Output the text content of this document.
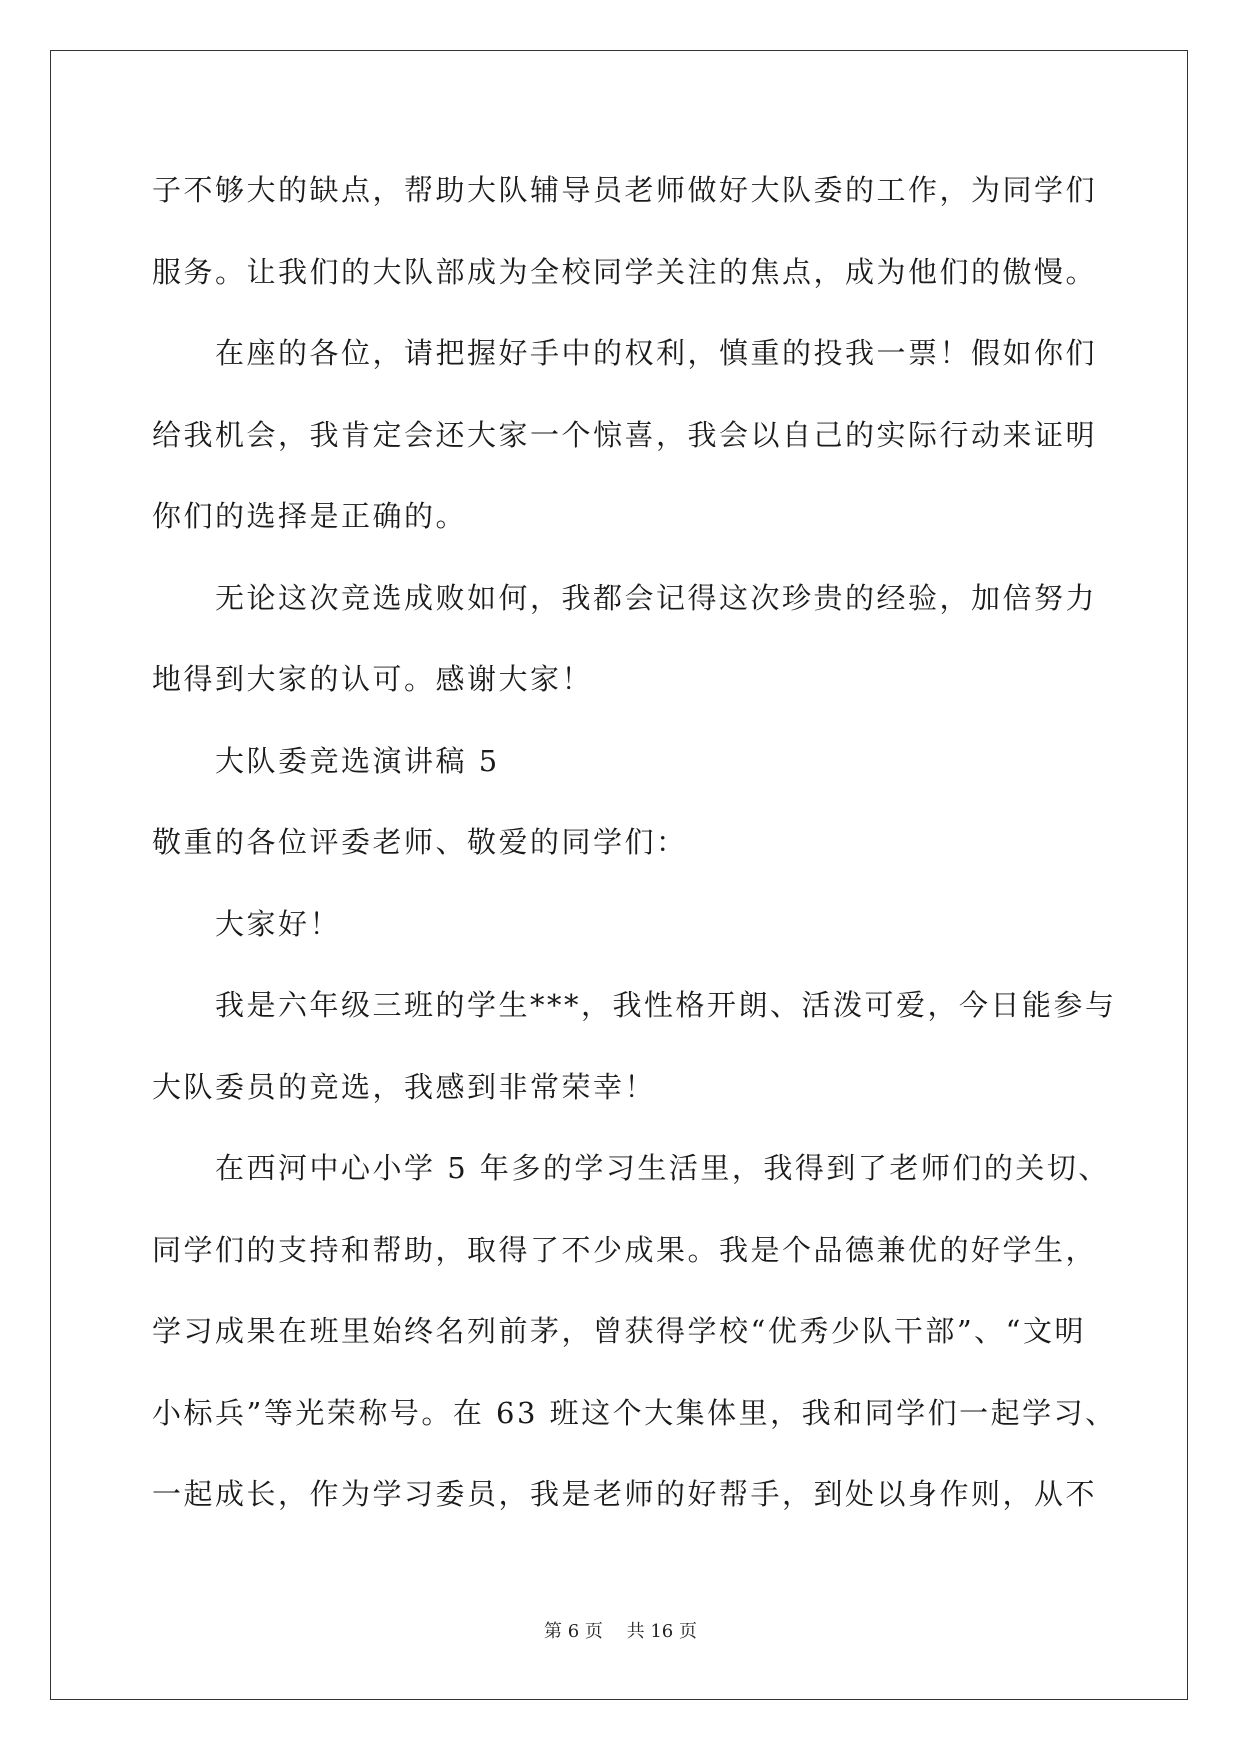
子不够大的缺点，帮助大队辅导员老师做好大队委的工作，为同学们

服务。让我们的大队部成为全校同学关注的焦点，成为他们的傲慢。

　　在座的各位，请把握好手中的权利，慎重的投我一票！假如你们

给我机会，我肯定会还大家一个惊喜，我会以自己的实际行动来证明

你们的选择是正确的。

　　无论这次竞选成败如何，我都会记得这次珍贵的经验，加倍努力

地得到大家的认可。感谢大家！

　　大队委竞选演讲稿 5

敬重的各位评委老师、敬爱的同学们：

　　大家好！

　　我是六年级三班的学生***，我性格开朗、活泼可爱，今日能参与

大队委员的竞选，我感到非常荣幸！

　　在西河中心小学 5 年多的学习生活里，我得到了老师们的关切、

同学们的支持和帮助，取得了不少成果。我是个品德兼优的好学生，

学习成果在班里始终名列前茅，曾获得学校“优秀少队干部”、“文明

小标兵”等光荣称号。在 63 班这个大集体里，我和同学们一起学习、

一起成长，作为学习委员，我是老师的好帮手，到处以身作则，从不

第 6 页　 共 16 页
